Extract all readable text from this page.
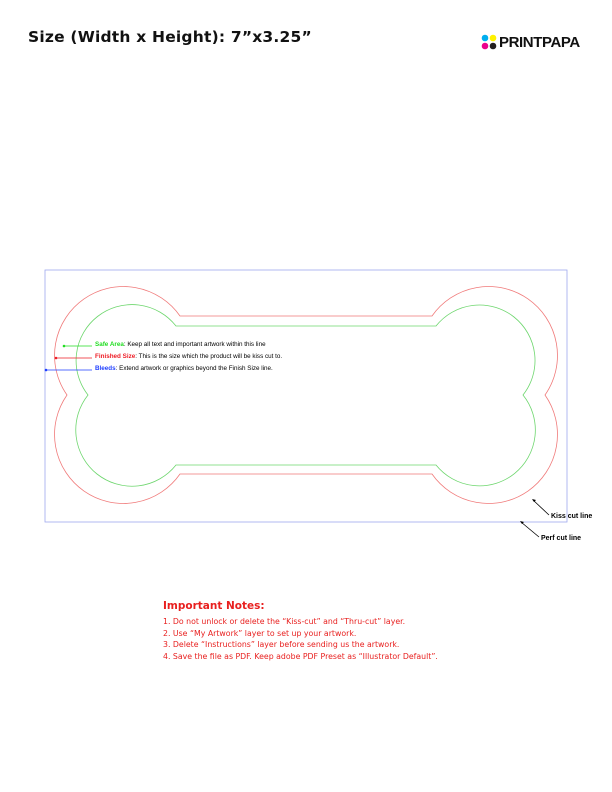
Size (Width x Height): 7”x3.25”	PRINTPAPA
Safe Area: Keep all text and important artwork within this line
Finished Size: This is the size which the product will be kiss cut to.
Bleeds: Extend artwork or graphics beyond the Finish Size line.
Kiss cut line
Perf cut line
Important Notes:
1. Do not unlock or delete the “Kiss-cut” and “Thru-cut” layer.
2. Use “My Artwork” layer to set up your artwork.
3. Delete “Instructions” layer before sending us the artwork.
4. Save the file as PDF. Keep adobe PDF Preset as “Illustrator Default”.
